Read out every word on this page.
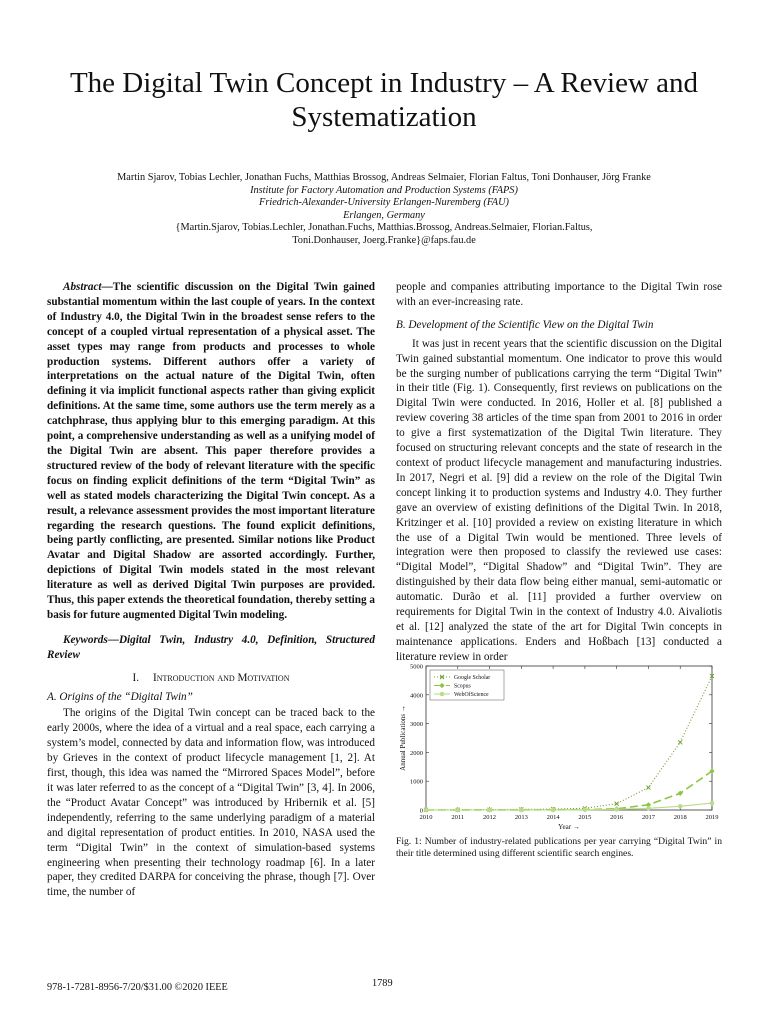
The Digital Twin Concept in Industry – A Review and Systematization
Martin Sjarov, Tobias Lechler, Jonathan Fuchs, Matthias Brossog, Andreas Selmaier, Florian Faltus, Toni Donhauser, Jörg Franke
Institute for Factory Automation and Production Systems (FAPS)
Friedrich-Alexander-University Erlangen-Nuremberg (FAU)
Erlangen, Germany
{Martin.Sjarov, Tobias.Lechler, Jonathan.Fuchs, Matthias.Brossog, Andreas.Selmaier, Florian.Faltus,
Toni.Donhauser, Joerg.Franke}@faps.fau.de

Abstract—The scientific discussion on the Digital Twin gained substantial momentum within the last couple of years. In the context of Industry 4.0, the Digital Twin in the broadest sense refers to the concept of a coupled virtual representation of a physical asset. The asset types may range from products and processes to whole production systems. Different authors offer a variety of interpretations on the actual nature of the Digital Twin, often defining it via implicit functional aspects rather than giving explicit definitions. At the same time, some authors use the term merely as a catchphrase, thus applying blur to this emerging paradigm. At this point, a comprehensive understanding as well as a unifying model of the Digital Twin are absent. This paper therefore provides a structured review of the body of relevant literature with the specific focus on finding explicit definitions of the term “Digital Twin” as well as stated models characterizing the Digital Twin concept. As a result, a relevance assessment provides the most important literature regarding the research questions. The found explicit definitions, being partly conflicting, are presented. Similar notions like Product Avatar and Digital Shadow are assorted accordingly. Further, depictions of Digital Twin models stated in the most relevant literature as well as derived Digital Twin purposes are provided. Thus, this paper extends the theoretical foundation, thereby setting a basis for future augmented Digital Twin modeling.

Keywords—Digital Twin, Industry 4.0, Definition, Structured Review

I. Introduction and Motivation

A. Origins of the “Digital Twin”

The origins of the Digital Twin concept can be traced back to the early 2000s, where the idea of a virtual and a real space, each carrying a system’s model, connected by data and information flow, was introduced by Grieves in the context of product lifecycle management [1, 2]. At first, though, this idea was named the “Mirrored Spaces Model”, before it was later referred to as the concept of a “Digital Twin” [3, 4]. In 2006, the “Product Avatar Concept” was introduced by Hribernik et al. [5] independently, referring to the same underlying paradigm of a material and digital representation of product entities. In 2010, NASA used the term “Digital Twin” in the context of simulation-based systems engineering when presenting their technology roadmap [6]. In a later paper, they credited DARPA for conceiving the phrase, though [7]. Over time, the number of

people and companies attributing importance to the Digital Twin rose with an ever-increasing rate.

B. Development of the Scientific View on the Digital Twin

It was just in recent years that the scientific discussion on the Digital Twin gained substantial momentum. One indicator to prove this would be the surging number of publications carrying the term “Digital Twin” in their title (Fig. 1). Consequently, first reviews on publications on the Digital Twin were conducted. In 2016, Holler et al. [8] published a review covering 38 articles of the time span from 2001 to 2016 in order to give a first systematization of the Digital Twin literature. They focused on structuring relevant concepts and the state of research in the context of product lifecycle management and manufacturing industries. In 2017, Negri et al. [9] did a review on the role of the Digital Twin concept linking it to production systems and Industry 4.0. They further gave an overview of existing definitions of the Digital Twin. In 2018, Kritzinger et al. [10] provided a review on existing literature in which the use of a Digital Twin would be mentioned. Three levels of integration were then proposed to classify the reviewed use cases: “Digital Model”, “Digital Shadow” and “Digital Twin”. They are distinguished by their data flow being either manual, semi-automatic or automatic. Durão et al. [11] provided a further overview on requirements for Digital Twin in the context of Industry 4.0. Aivaliotis et al. [12] analyzed the state of the art for Digital Twin concepts in maintenance applications. Enders and Hoßbach [13] conducted a literature review in order

0
1000
2000
3000
4000
5000
2010	2011	2012	2013	2014	2015	2016	2017	2018	2019
Year →
Annual Publications →
Google Scholar
Scopus
WebOfScience
Fig. 1: Number of industry-related publications per year carrying “Digital Twin” in their title determined using different scientific search engines.
978-1-7281-8956-7/20/$31.00 ©2020 IEEE	1789
